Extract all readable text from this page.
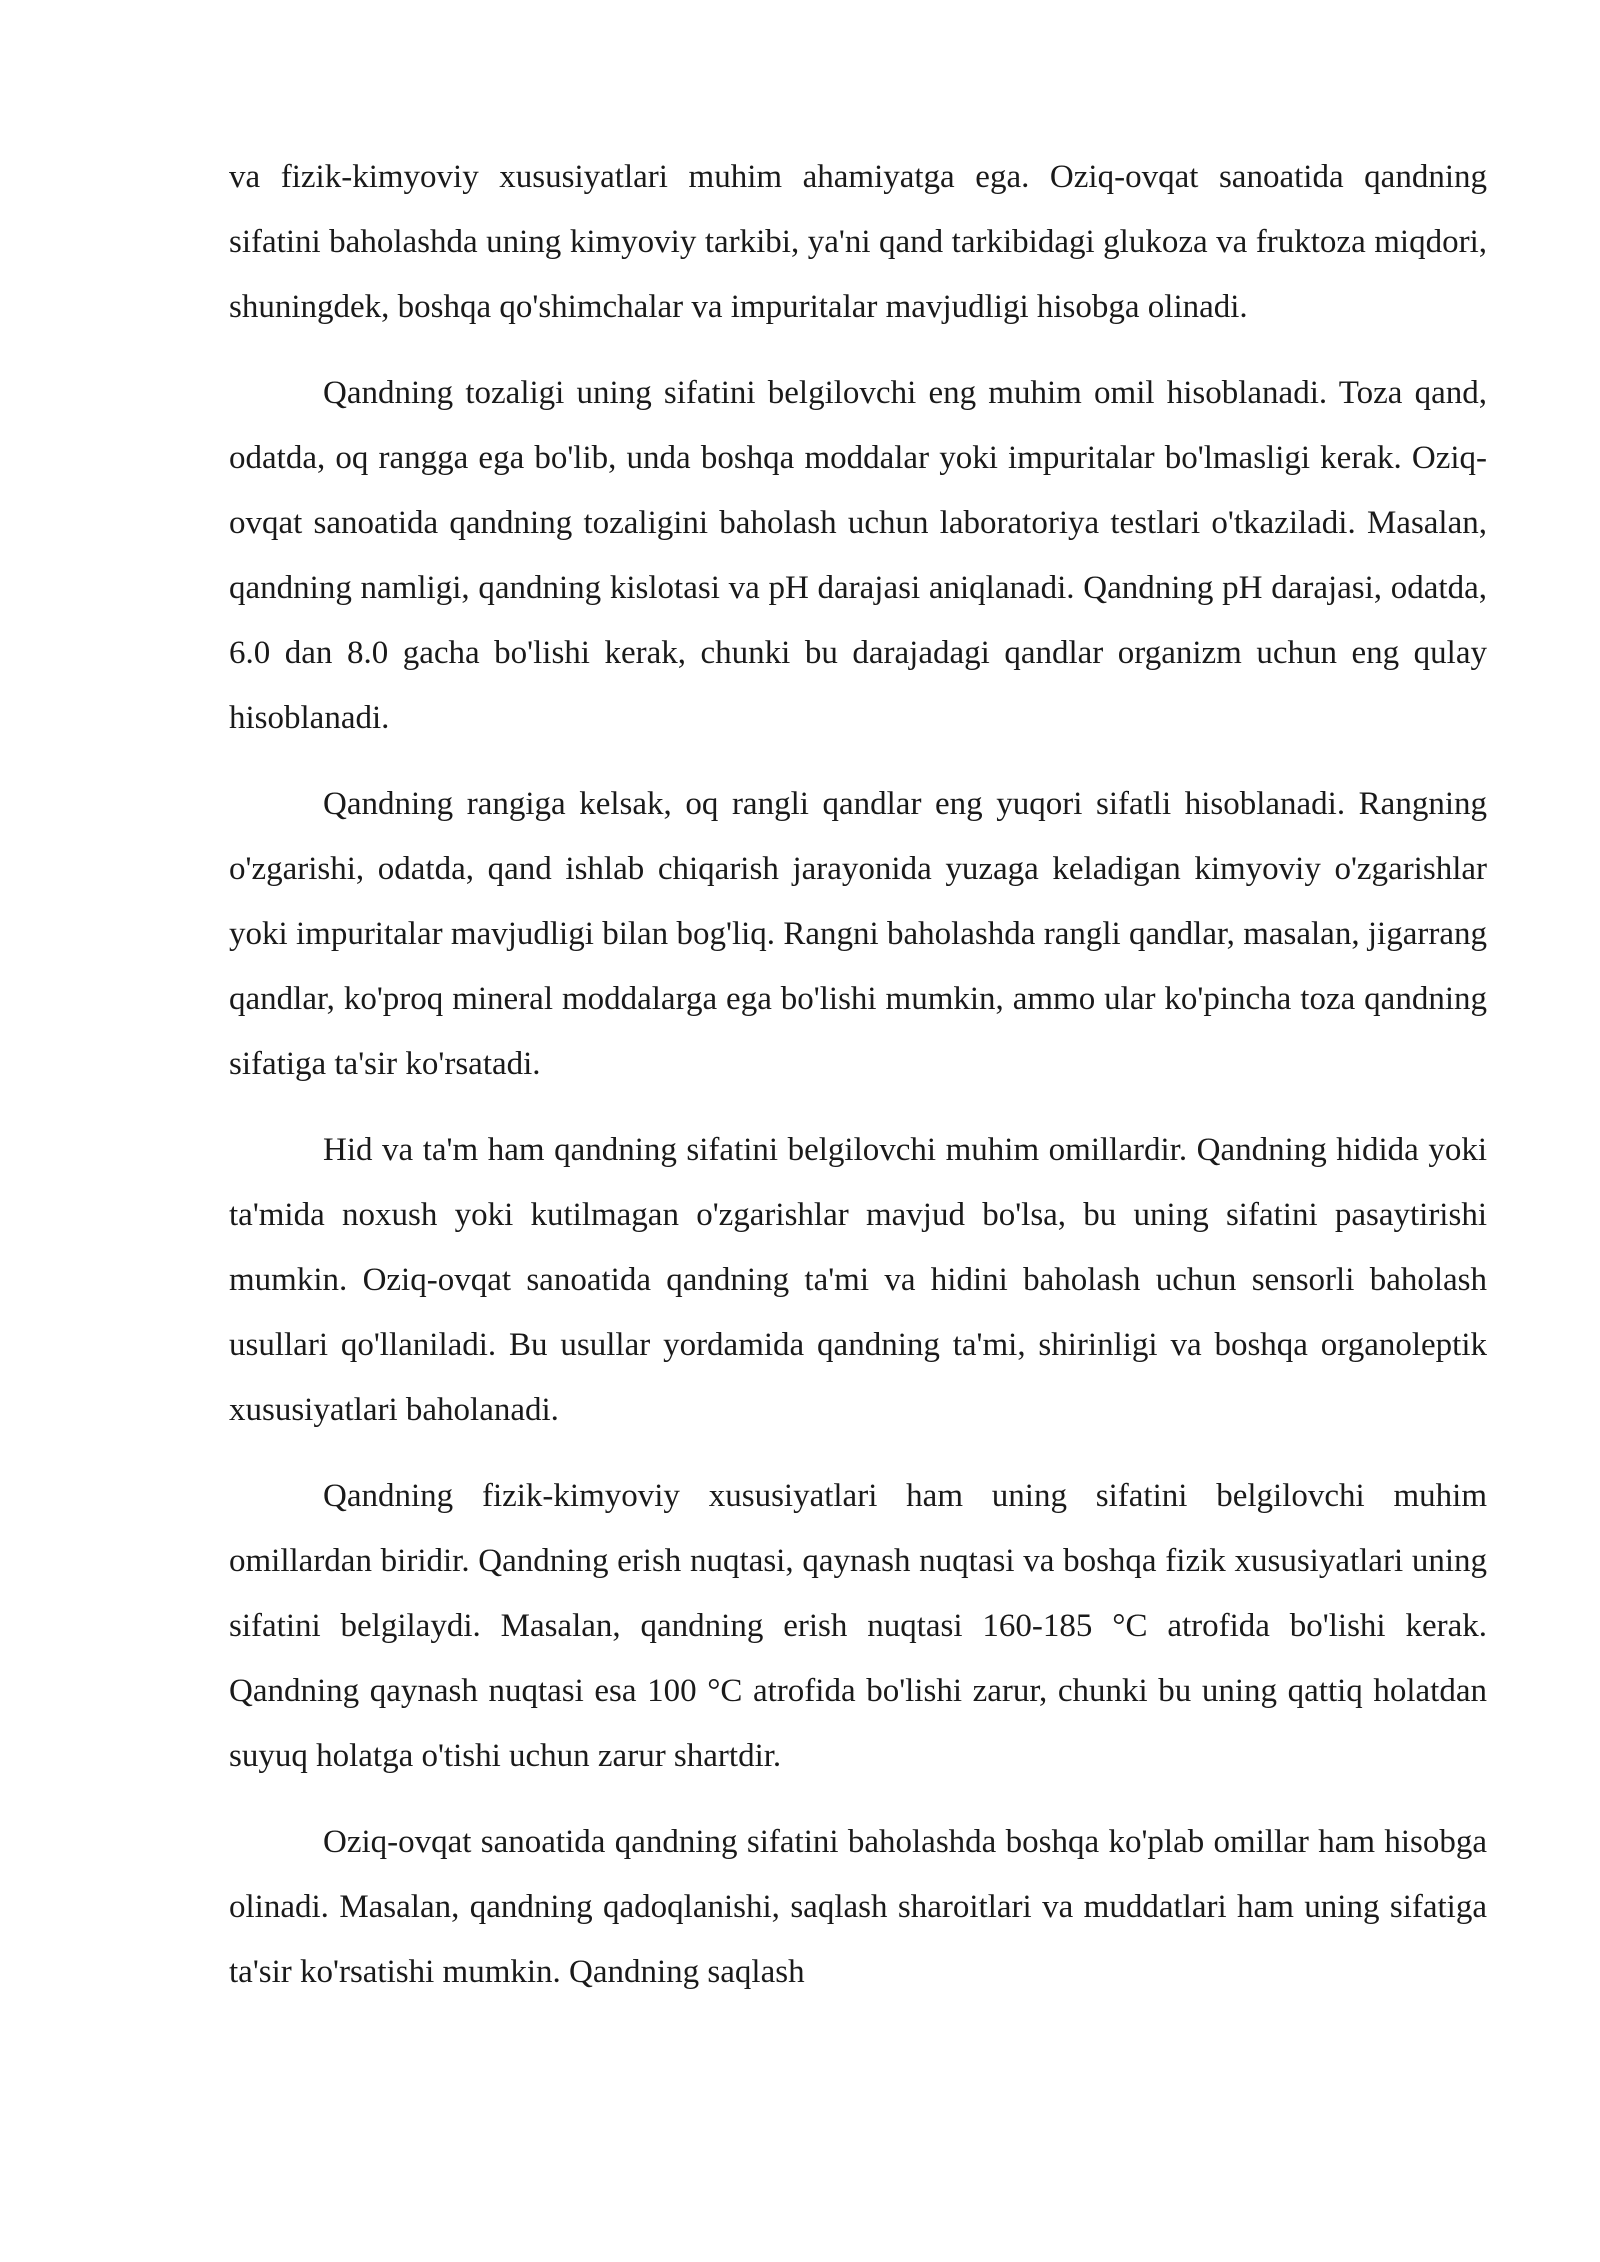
va fizik-kimyoviy xususiyatlari muhim ahamiyatga ega. Oziq-ovqat sanoatida qandning sifatini baholashda uning kimyoviy tarkibi, ya'ni qand tarkibidagi glukoza va fruktoza miqdori, shuningdek, boshqa qo'shimchalar va impuritalar mavjudligi hisobga olinadi.

Qandning tozaligi uning sifatini belgilovchi eng muhim omil hisoblanadi. Toza qand, odatda, oq rangga ega bo'lib, unda boshqa moddalar yoki impuritalar bo'lmasligi kerak. Oziq-ovqat sanoatida qandning tozaligini baholash uchun laboratoriya testlari o'tkaziladi. Masalan, qandning namligi, qandning kislotasi va pH darajasi aniqlanadi. Qandning pH darajasi, odatda, 6.0 dan 8.0 gacha bo'lishi kerak, chunki bu darajadagi qandlar organizm uchun eng qulay hisoblanadi.

Qandning rangiga kelsak, oq rangli qandlar eng yuqori sifatli hisoblanadi. Rangning o'zgarishi, odatda, qand ishlab chiqarish jarayonida yuzaga keladigan kimyoviy o'zgarishlar yoki impuritalar mavjudligi bilan bog'liq. Rangni baholashda rangli qandlar, masalan, jigarrang qandlar, ko'proq mineral moddalarga ega bo'lishi mumkin, ammo ular ko'pincha toza qandning sifatiga ta'sir ko'rsatadi.

Hid va ta'm ham qandning sifatini belgilovchi muhim omillardir. Qandning hidida yoki ta'mida noxush yoki kutilmagan o'zgarishlar mavjud bo'lsa, bu uning sifatini pasaytirishi mumkin. Oziq-ovqat sanoatida qandning ta'mi va hidini baholash uchun sensorli baholash usullari qo'llaniladi. Bu usullar yordamida qandning ta'mi, shirinligi va boshqa organoleptik xususiyatlari baholanadi.

Qandning fizik-kimyoviy xususiyatlari ham uning sifatini belgilovchi muhim omillardan biridir. Qandning erish nuqtasi, qaynash nuqtasi va boshqa fizik xususiyatlari uning sifatini belgilaydi. Masalan, qandning erish nuqtasi 160-185 °C atrofida bo'lishi kerak. Qandning qaynash nuqtasi esa 100 °C atrofida bo'lishi zarur, chunki bu uning qattiq holatdan suyuq holatga o'tishi uchun zarur shartdir.

Oziq-ovqat sanoatida qandning sifatini baholashda boshqa ko'plab omillar ham hisobga olinadi. Masalan, qandning qadoqlanishi, saqlash sharoitlari va muddatlari ham uning sifatiga ta'sir ko'rsatishi mumkin. Qandning saqlash
